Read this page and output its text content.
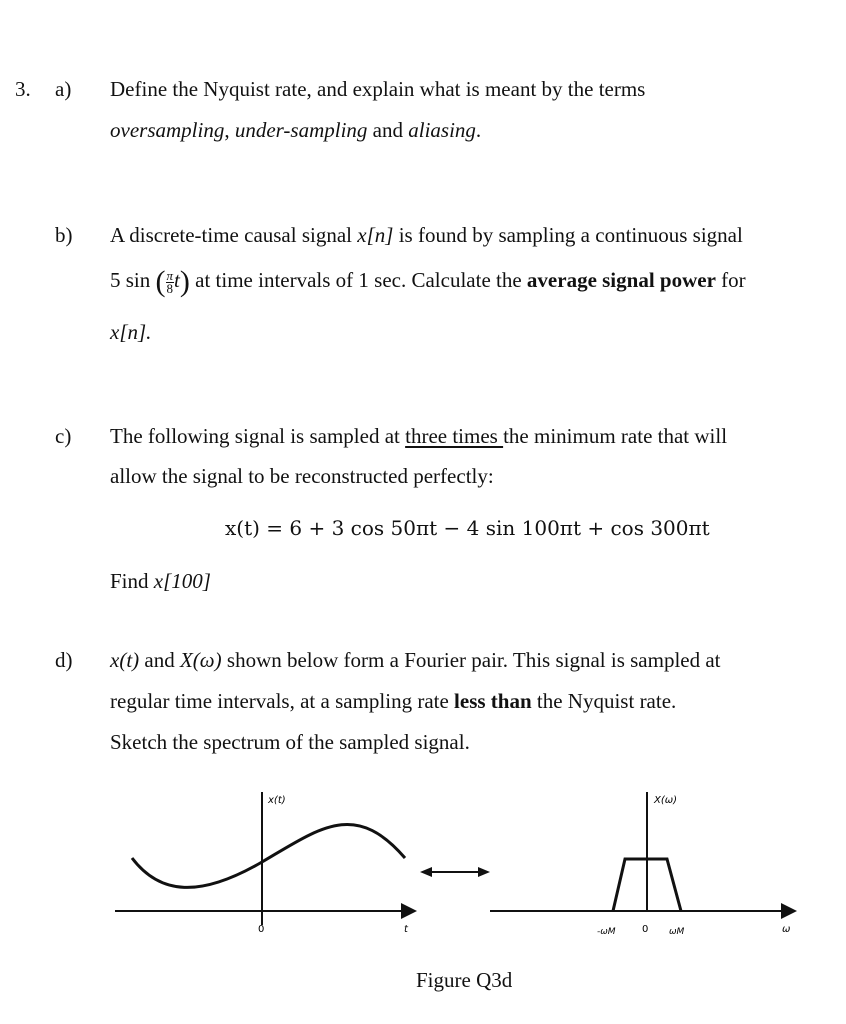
3. a) Define the Nyquist rate, and explain what is meant by the terms
oversampling, under-sampling and aliasing.
b) A discrete-time causal signal x[n] is found by sampling a continuous signal
5 sin ( $\frac{\pi}{8} t$) at time intervals of 1 sec. Calculate the average signal power for
x[n].
c) The following signal is sampled at three times the minimum rate that will
allow the signal to be reconstructed perfectly:
x(t) = 6 + 3 cos 50πt − 4 sin 100πt + cos 300πt
Find x[100]
d) x(t) and X(ω) shown below form a Fourier pair. This signal is sampled at
regular time intervals, at a sampling rate less than the Nyquist rate.
Sketch the spectrum of the sampled signal.
x(t)
0	t
X(ω)
-ωM	0 ωM	ω
Figure Q3d
